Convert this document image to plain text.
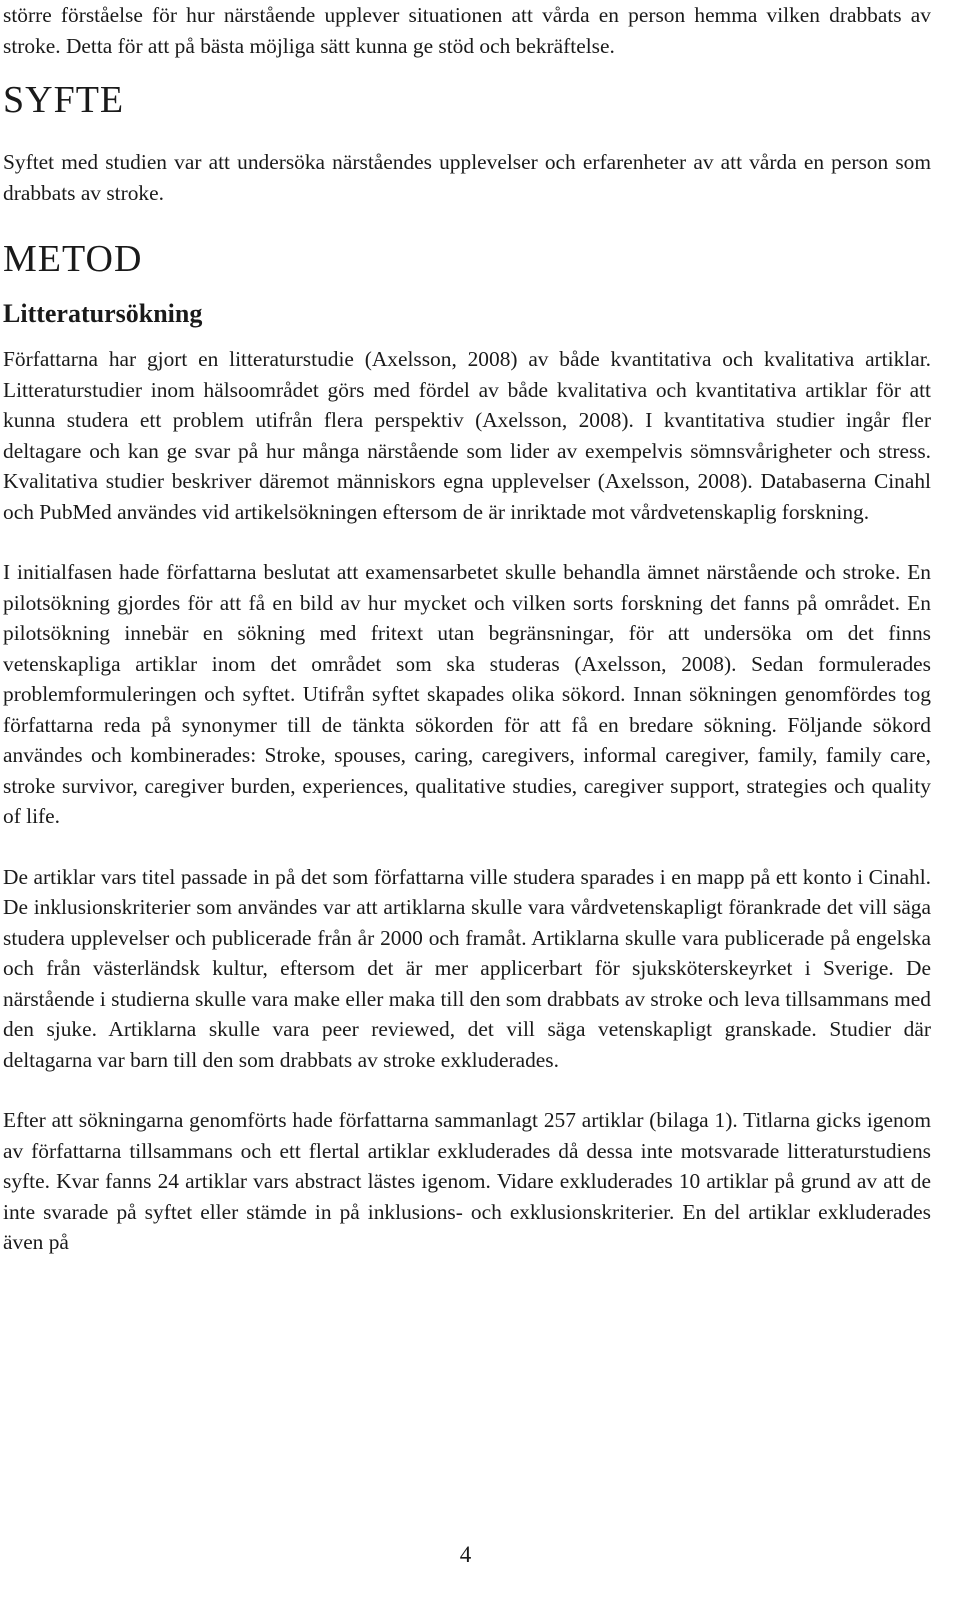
större förståelse för hur närstående upplever situationen att vårda en person hemma vilken drabbats av stroke. Detta för att på bästa möjliga sätt kunna ge stöd och bekräftelse.

SYFTE

Syftet med studien var att undersöka närståendes upplevelser och erfarenheter av att vårda en person som drabbats av stroke.

METOD
Litteratursökning

Författarna har gjort en litteraturstudie (Axelsson, 2008) av både kvantitativa och kvalitativa artiklar. Litteraturstudier inom hälsoområdet görs med fördel av både kvalitativa och kvantitativa artiklar för att kunna studera ett problem utifrån flera perspektiv (Axelsson, 2008). I kvantitativa studier ingår fler deltagare och kan ge svar på hur många närstående som lider av exempelvis sömnsvårigheter och stress. Kvalitativa studier beskriver däremot människors egna upplevelser (Axelsson, 2008). Databaserna Cinahl och PubMed användes vid artikelsökningen eftersom de är inriktade mot vårdvetenskaplig forskning.

I initialfasen hade författarna beslutat att examensarbetet skulle behandla ämnet närstående och stroke. En pilotsökning gjordes för att få en bild av hur mycket och vilken sorts forskning det fanns på området. En pilotsökning innebär en sökning med fritext utan begränsningar, för att undersöka om det finns vetenskapliga artiklar inom det området som ska studeras (Axelsson, 2008). Sedan formulerades problemformuleringen och syftet. Utifrån syftet skapades olika sökord. Innan sökningen genomfördes tog författarna reda på synonymer till de tänkta sökorden för att få en bredare sökning. Följande sökord användes och kombinerades: Stroke, spouses, caring, caregivers, informal caregiver, family, family care, stroke survivor, caregiver burden, experiences, qualitative studies, caregiver support, strategies och quality of life.

De artiklar vars titel passade in på det som författarna ville studera sparades i en mapp på ett konto i Cinahl. De inklusionskriterier som användes var att artiklarna skulle vara vårdvetenskapligt förankrade det vill säga studera upplevelser och publicerade från år 2000 och framåt. Artiklarna skulle vara publicerade på engelska och från västerländsk kultur, eftersom det är mer applicerbart för sjuksköterskeyrket i Sverige. De närstående i studierna skulle vara make eller maka till den som drabbats av stroke och leva tillsammans med den sjuke. Artiklarna skulle vara peer reviewed, det vill säga vetenskapligt granskade. Studier där deltagarna var barn till den som drabbats av stroke exkluderades.

Efter att sökningarna genomförts hade författarna sammanlagt 257 artiklar (bilaga 1). Titlarna gicks igenom av författarna tillsammans och ett flertal artiklar exkluderades då dessa inte motsvarade litteraturstudiens syfte. Kvar fanns 24 artiklar vars abstract lästes igenom. Vidare exkluderades 10 artiklar på grund av att de inte svarade på syftet eller stämde in på inklusions- och exklusionskriterier. En del artiklar exkluderades även på

4
